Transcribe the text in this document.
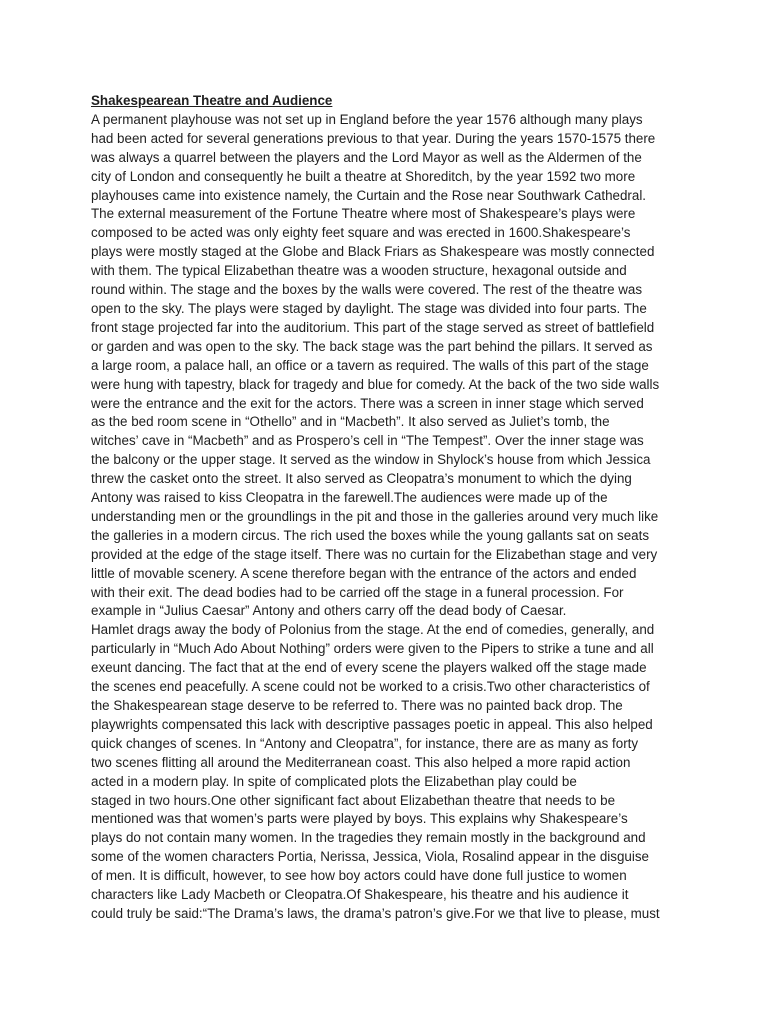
Shakespearean Theatre and Audience
A permanent playhouse was not set up in England before the year 1576 although many plays
had been acted for several generations previous to that year. During the years 1570-1575 there
was always a quarrel between the players and the Lord Mayor as well as the Aldermen of the
city of London and consequently he built a theatre at Shoreditch, by the year 1592 two more
playhouses came into existence namely, the Curtain and the Rose near Southwark Cathedral.
The external measurement of the Fortune Theatre where most of Shakespeare’s plays were
composed to be acted was only eighty feet square and was erected in 1600.Shakespeare’s
plays were mostly staged at the Globe and Black Friars as Shakespeare was mostly connected
with them. The typical Elizabethan theatre was a wooden structure, hexagonal outside and
round within. The stage and the boxes by the walls were covered. The rest of the theatre was
open to the sky. The plays were staged by daylight. The stage was divided into four parts. The
front stage projected far into the auditorium. This part of the stage served as street of battlefield
or garden and was open to the sky. The back stage was the part behind the pillars. It served as
a large room, a palace hall, an office or a tavern as required. The walls of this part of the stage
were hung with tapestry, black for tragedy and blue for comedy. At the back of the two side walls
were the entrance and the exit for the actors. There was a screen in inner stage which served
as the bed room scene in “Othello” and in “Macbeth”. It also served as Juliet’s tomb, the
witches’ cave in “Macbeth” and as Prospero’s cell in “The Tempest”. Over the inner stage was
the balcony or the upper stage. It served as the window in Shylock’s house from which Jessica
threw the casket onto the street. It also served as Cleopatra’s monument to which the dying
Antony was raised to kiss Cleopatra in the farewell.The audiences were made up of the
understanding men or the groundlings in the pit and those in the galleries around very much like
the galleries in a modern circus. The rich used the boxes while the young gallants sat on seats
provided at the edge of the stage itself. There was no curtain for the Elizabethan stage and very
little of movable scenery. A scene therefore began with the entrance of the actors and ended
with their exit. The dead bodies had to be carried off the stage in a funeral procession. For
example in “Julius Caesar” Antony and others carry off the dead body of Caesar.
Hamlet drags away the body of Polonius from the stage. At the end of comedies, generally, and
particularly in “Much Ado About Nothing” orders were given to the Pipers to strike a tune and all
exeunt dancing. The fact that at the end of every scene the players walked off the stage made
the scenes end peacefully. A scene could not be worked to a crisis.Two other characteristics of
the Shakespearean stage deserve to be referred to. There was no painted back drop. The
playwrights compensated this lack with descriptive passages poetic in appeal. This also helped
quick changes of scenes. In “Antony and Cleopatra”, for instance, there are as many as forty
two scenes flitting all around the Mediterranean coast. This also helped a more rapid action
acted in a modern play. In spite of complicated plots the Elizabethan play could be
staged in two hours.One other significant fact about Elizabethan theatre that needs to be
mentioned was that women’s parts were played by boys. This explains why Shakespeare’s
plays do not contain many women. In the tragedies they remain mostly in the background and
some of the women characters Portia, Nerissa, Jessica, Viola, Rosalind appear in the disguise
of men. It is difficult, however, to see how boy actors could have done full justice to women
characters like Lady Macbeth or Cleopatra.Of Shakespeare, his theatre and his audience it
could truly be said:“The Drama’s laws, the drama’s patron’s give.For we that live to please, must
